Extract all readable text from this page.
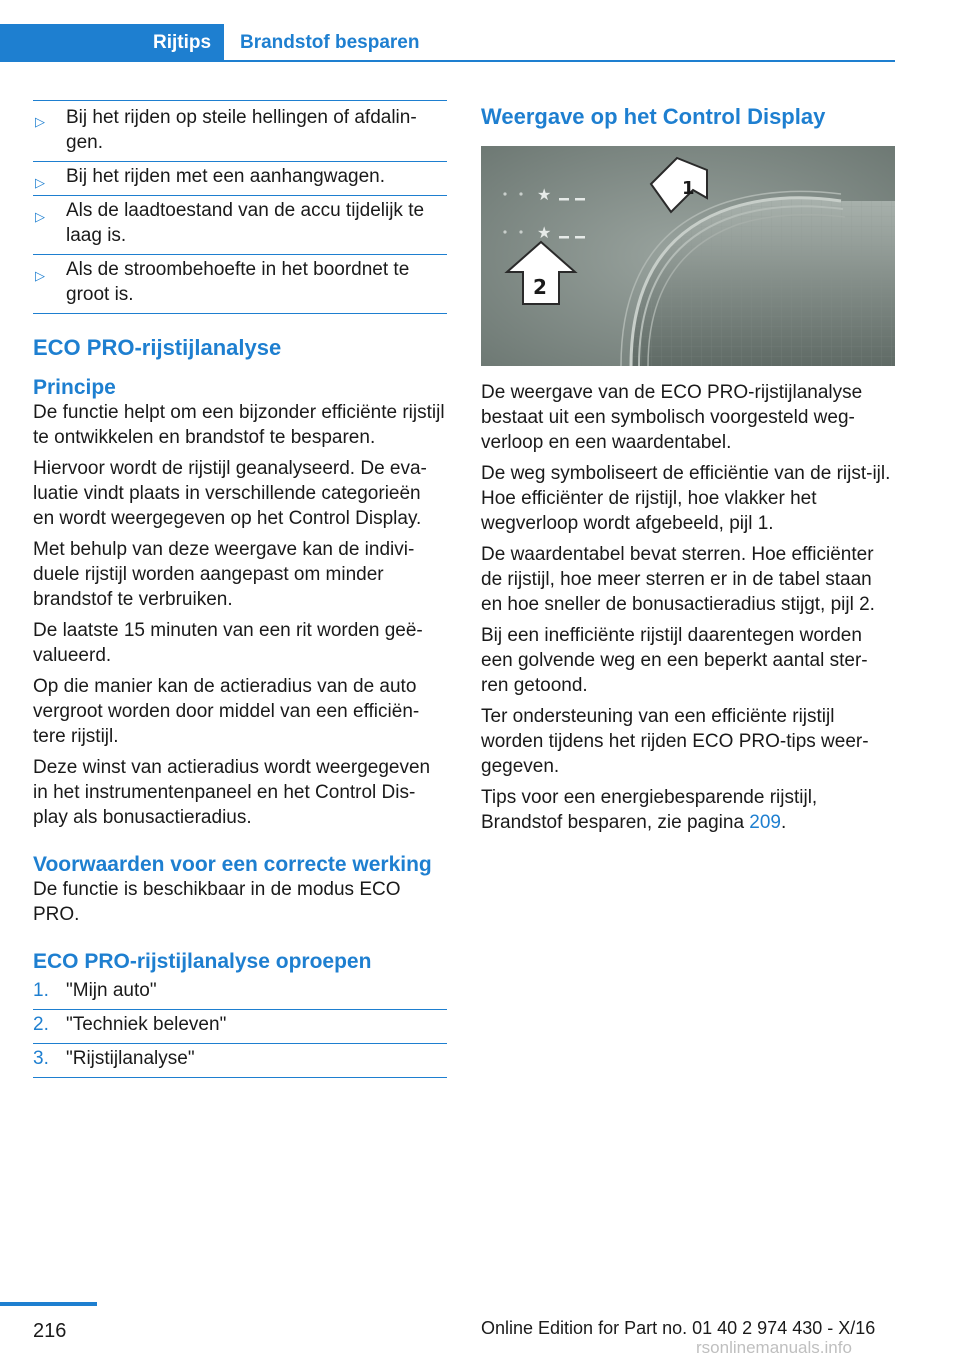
Rijtips	Brandstof besparen
▷ Bij het rijden op steile hellingen of afdalin-gen.
▷ Bij het rijden met een aanhangwagen.
▷ Als de laadtoestand van de accu tijdelijk te laag is.
▷ Als de stroombehoefte in het boordnet te groot is.
ECO PRO-rijstijlanalyse
Principe

De functie helpt om een bijzonder efficiënte rijstijl te ontwikkelen en brandstof te besparen.

Hiervoor wordt de rijstijl geanalyseerd. De eva-luatie vindt plaats in verschillende categorieën en wordt weergegeven op het Control Display.

Met behulp van deze weergave kan de indivi-duele rijstijl worden aangepast om minder brandstof te verbruiken.

De laatste 15 minuten van een rit worden geë-valueerd.

Op die manier kan de actieradius van de auto vergroot worden door middel van een efficiën-tere rijstijl.

Deze winst van actieradius wordt weergegeven in het instrumentenpaneel en het Control Dis-play als bonusactieradius.

Voorwaarden voor een correcte werking

De functie is beschikbaar in de modus ECO PRO.

ECO PRO-rijstijlanalyse oproepen
1. "Mijn auto"
2. "Techniek beleven"
3. "Rijstijlanalyse"
Weergave op het Control Display
★
★
1
2

De weergave van de ECO PRO-rijstijlanalyse bestaat uit een symbolisch voorgesteld weg-verloop en een waardentabel.

De weg symboliseert de efficiëntie van de rijst-ijl. Hoe efficiënter de rijstijl, hoe vlakker het wegverloop wordt afgebeeld, pijl 1.

De waardentabel bevat sterren. Hoe efficiënter de rijstijl, hoe meer sterren er in de tabel staan en hoe sneller de bonusactieradius stijgt, pijl 2.

Bij een inefficiënte rijstijl daarentegen worden een golvende weg en een beperkt aantal ster-ren getoond.

Ter ondersteuning van een efficiënte rijstijl worden tijdens het rijden ECO PRO-tips weer-gegeven.

Tips voor een energiebesparende rijstijl, Brandstof besparen, zie pagina 209.

216	Online Edition for Part no. 01 40 2 974 430 - X/16
rsonlinemanuals.info
